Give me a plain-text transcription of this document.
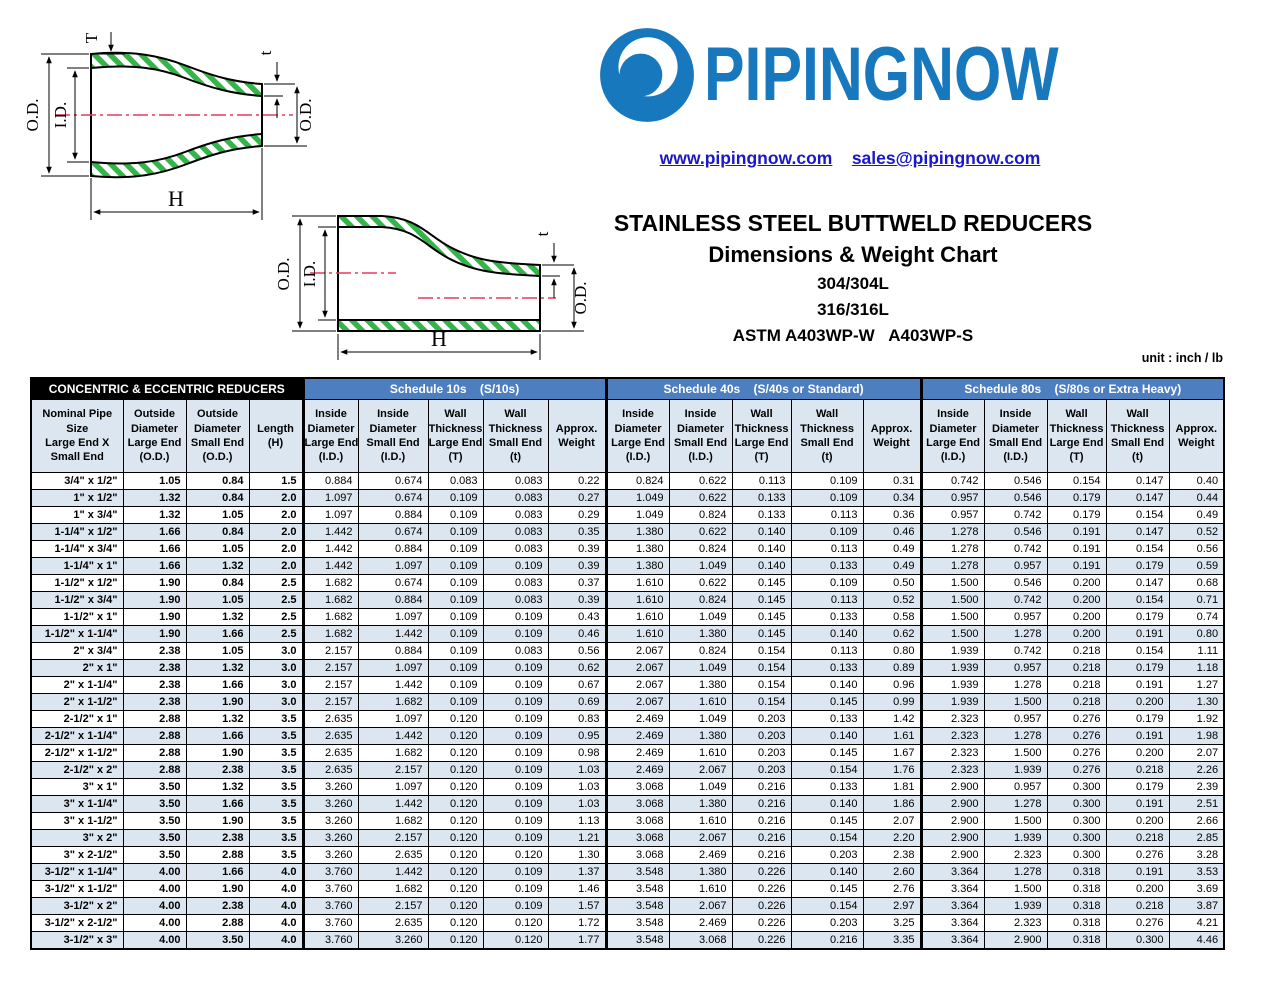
O.D. I.D.
T
t
O.D.
H
O.D. I.D.
t
O.D.
H
PIPINGNOW
www.pipingnow.com sales@pipingnow.com
STAINLESS STEEL BUTTWELD REDUCERS
Dimensions & Weight Chart
304/304L
316/316L
ASTM A403WP-W   A403WP-S
unit : inch / lb
CONCENTRIC & ECCENTRIC REDUCERS				Schedule 10s    (S/10s)					Schedule 40s    (S/40s or Standard)					Schedule 80s    (S/80s or Extra Heavy)				
Nominal Pipe
Size
Large End X
Small End	Outside
Diameter
Large End
(O.D.)	Outside
Diameter
Small End
(O.D.)	Length
(H)	Inside
Diameter
Large End
(I.D.)	Inside
Diameter
Small End
(I.D.)	Wall
Thickness
Large End
(T)	Wall
Thickness
Small End
(t)	Approx.
Weight	Inside
Diameter
Large End
(I.D.)	Inside
Diameter
Small End
(I.D.)	Wall
Thickness
Large End
(T)	Wall
Thickness
Small End
(t)	Approx.
Weight	Inside
Diameter
Large End
(I.D.)	Inside
Diameter
Small End
(I.D.)	Wall
Thickness
Large End
(T)	Wall
Thickness
Small End
(t)	Approx.
Weight
3/4" x 1/2"	1.05	0.84	1.5	0.884	0.674	0.083	0.083	0.22	0.824	0.622	0.113	0.109	0.31	0.742	0.546	0.154	0.147	0.40
1" x 1/2"	1.32	0.84	2.0	1.097	0.674	0.109	0.083	0.27	1.049	0.622	0.133	0.109	0.34	0.957	0.546	0.179	0.147	0.44
1" x 3/4"	1.32	1.05	2.0	1.097	0.884	0.109	0.083	0.29	1.049	0.824	0.133	0.113	0.36	0.957	0.742	0.179	0.154	0.49
1-1/4" x 1/2"	1.66	0.84	2.0	1.442	0.674	0.109	0.083	0.35	1.380	0.622	0.140	0.109	0.46	1.278	0.546	0.191	0.147	0.52
1-1/4" x 3/4"	1.66	1.05	2.0	1.442	0.884	0.109	0.083	0.39	1.380	0.824	0.140	0.113	0.49	1.278	0.742	0.191	0.154	0.56
1-1/4" x 1"	1.66	1.32	2.0	1.442	1.097	0.109	0.109	0.39	1.380	1.049	0.140	0.133	0.49	1.278	0.957	0.191	0.179	0.59
1-1/2" x 1/2"	1.90	0.84	2.5	1.682	0.674	0.109	0.083	0.37	1.610	0.622	0.145	0.109	0.50	1.500	0.546	0.200	0.147	0.68
1-1/2" x 3/4"	1.90	1.05	2.5	1.682	0.884	0.109	0.083	0.39	1.610	0.824	0.145	0.113	0.52	1.500	0.742	0.200	0.154	0.71
1-1/2" x 1"	1.90	1.32	2.5	1.682	1.097	0.109	0.109	0.43	1.610	1.049	0.145	0.133	0.58	1.500	0.957	0.200	0.179	0.74
1-1/2" x 1-1/4"	1.90	1.66	2.5	1.682	1.442	0.109	0.109	0.46	1.610	1.380	0.145	0.140	0.62	1.500	1.278	0.200	0.191	0.80
2" x 3/4"	2.38	1.05	3.0	2.157	0.884	0.109	0.083	0.56	2.067	0.824	0.154	0.113	0.80	1.939	0.742	0.218	0.154	1.11
2" x 1"	2.38	1.32	3.0	2.157	1.097	0.109	0.109	0.62	2.067	1.049	0.154	0.133	0.89	1.939	0.957	0.218	0.179	1.18
2" x 1-1/4"	2.38	1.66	3.0	2.157	1.442	0.109	0.109	0.67	2.067	1.380	0.154	0.140	0.96	1.939	1.278	0.218	0.191	1.27
2" x 1-1/2"	2.38	1.90	3.0	2.157	1.682	0.109	0.109	0.69	2.067	1.610	0.154	0.145	0.99	1.939	1.500	0.218	0.200	1.30
2-1/2" x 1"	2.88	1.32	3.5	2.635	1.097	0.120	0.109	0.83	2.469	1.049	0.203	0.133	1.42	2.323	0.957	0.276	0.179	1.92
2-1/2" x 1-1/4"	2.88	1.66	3.5	2.635	1.442	0.120	0.109	0.95	2.469	1.380	0.203	0.140	1.61	2.323	1.278	0.276	0.191	1.98
2-1/2" x 1-1/2"	2.88	1.90	3.5	2.635	1.682	0.120	0.109	0.98	2.469	1.610	0.203	0.145	1.67	2.323	1.500	0.276	0.200	2.07
2-1/2" x 2"	2.88	2.38	3.5	2.635	2.157	0.120	0.109	1.03	2.469	2.067	0.203	0.154	1.76	2.323	1.939	0.276	0.218	2.26
3" x 1"	3.50	1.32	3.5	3.260	1.097	0.120	0.109	1.03	3.068	1.049	0.216	0.133	1.81	2.900	0.957	0.300	0.179	2.39
3" x 1-1/4"	3.50	1.66	3.5	3.260	1.442	0.120	0.109	1.03	3.068	1.380	0.216	0.140	1.86	2.900	1.278	0.300	0.191	2.51
3" x 1-1/2"	3.50	1.90	3.5	3.260	1.682	0.120	0.109	1.13	3.068	1.610	0.216	0.145	2.07	2.900	1.500	0.300	0.200	2.66
3" x 2"	3.50	2.38	3.5	3.260	2.157	0.120	0.109	1.21	3.068	2.067	0.216	0.154	2.20	2.900	1.939	0.300	0.218	2.85
3" x 2-1/2"	3.50	2.88	3.5	3.260	2.635	0.120	0.120	1.30	3.068	2.469	0.216	0.203	2.38	2.900	2.323	0.300	0.276	3.28
3-1/2" x 1-1/4"	4.00	1.66	4.0	3.760	1.442	0.120	0.109	1.37	3.548	1.380	0.226	0.140	2.60	3.364	1.278	0.318	0.191	3.53
3-1/2" x 1-1/2"	4.00	1.90	4.0	3.760	1.682	0.120	0.109	1.46	3.548	1.610	0.226	0.145	2.76	3.364	1.500	0.318	0.200	3.69
3-1/2" x 2"	4.00	2.38	4.0	3.760	2.157	0.120	0.109	1.57	3.548	2.067	0.226	0.154	2.97	3.364	1.939	0.318	0.218	3.87
3-1/2" x 2-1/2"	4.00	2.88	4.0	3.760	2.635	0.120	0.120	1.72	3.548	2.469	0.226	0.203	3.25	3.364	2.323	0.318	0.276	4.21
3-1/2" x 3"	4.00	3.50	4.0	3.760	3.260	0.120	0.120	1.77	3.548	3.068	0.226	0.216	3.35	3.364	2.900	0.318	0.300	4.46
